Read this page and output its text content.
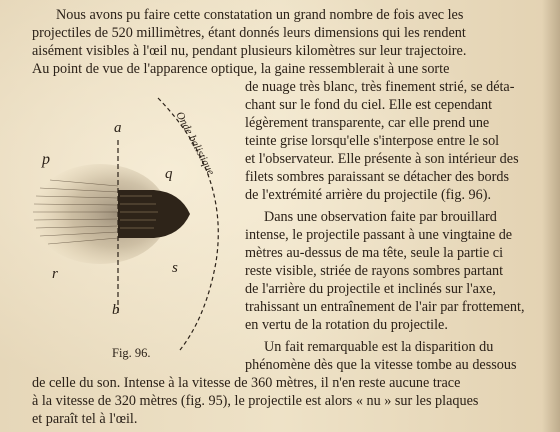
Nous avons pu faire cette constatation un grand nombre de fois avec les
projectiles de 520 millimètres, étant donnés leurs dimensions qui les rendent
aisément visibles à l'œil nu, pendant plusieurs kilomètres sur leur trajectoire.
Au point de vue de l'apparence optique, la gaine ressemblerait à une sorte
de nuage très blanc, très finement strié, se déta-
chant sur le fond du ciel. Elle est cependant
légèrement transparente, car elle prend une
teinte grise lorsqu'elle s'interpose entre le sol
et l'observateur. Elle présente à son intérieur des
filets sombres paraissant se détacher des bords
de l'extrémité arrière du projectile (fig. 96).
Dans une observation faite par brouillard
intense, le projectile passant à une vingtaine de
mètres au-dessus de ma tête, seule la partie ci
reste visible, striée de rayons sombres partant
de l'arrière du projectile et inclinés sur l'axe,
trahissant un entraînement de l'air par frottement,
en vertu de la rotation du projectile.
Un fait remarquable est la disparition du
phénomène dès que la vitesse tombe au dessous
de celle du son. Intense à la vitesse de 360 mètres, il n'en reste aucune trace
à la vitesse de 320 mètres (fig. 95), le projectile est alors « nu » sur les plaques
et paraît tel à l'œil.
a
b
p
q
r	s
Onde balistique
Fig. 96.
